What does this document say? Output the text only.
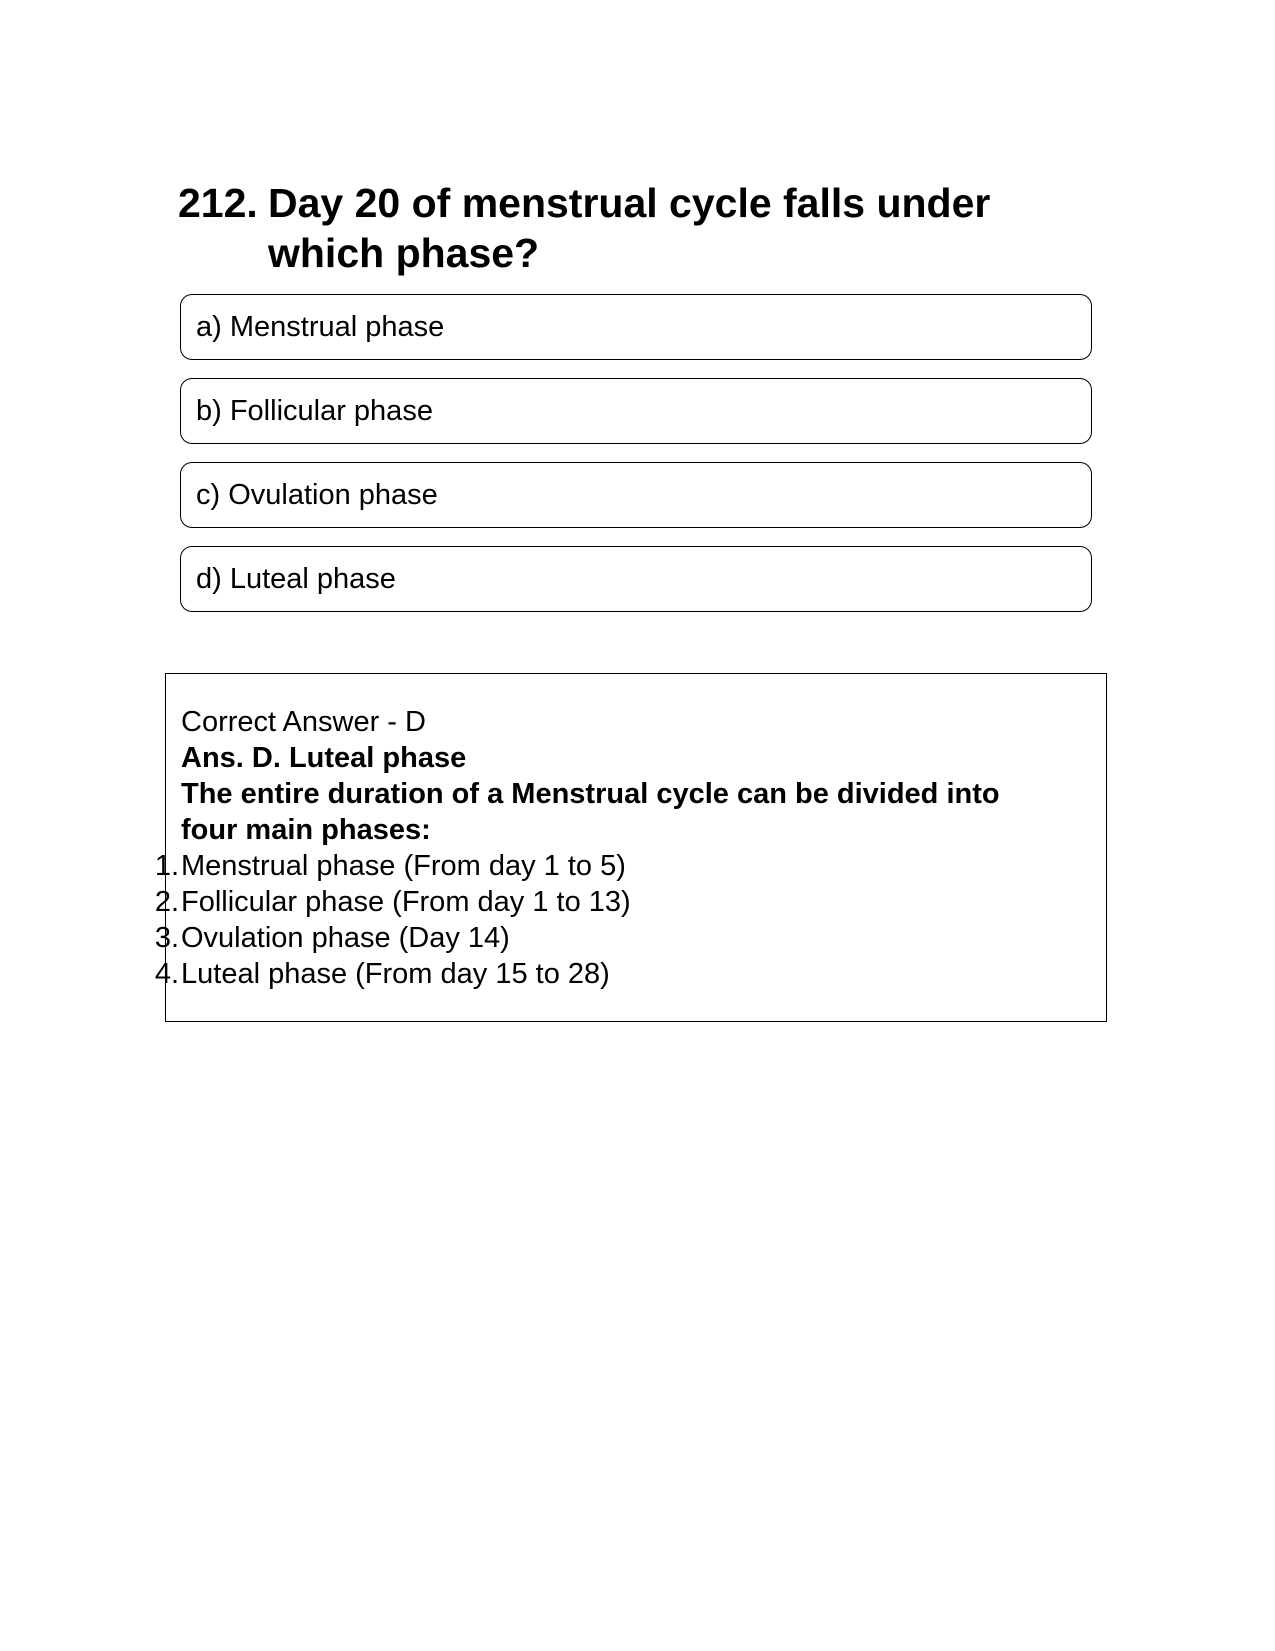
212. Day 20 of menstrual cycle falls under which phase?
a) Menstrual phase
b) Follicular phase
c) Ovulation phase
d) Luteal phase
Correct Answer - D
Ans. D. Luteal phase
The entire duration of a Menstrual cycle can be divided into four main phases:
1. Menstrual phase (From day 1 to 5)
2. Follicular phase (From day 1 to 13)
3. Ovulation phase (Day 14)
4. Luteal phase (From day 15 to 28)
